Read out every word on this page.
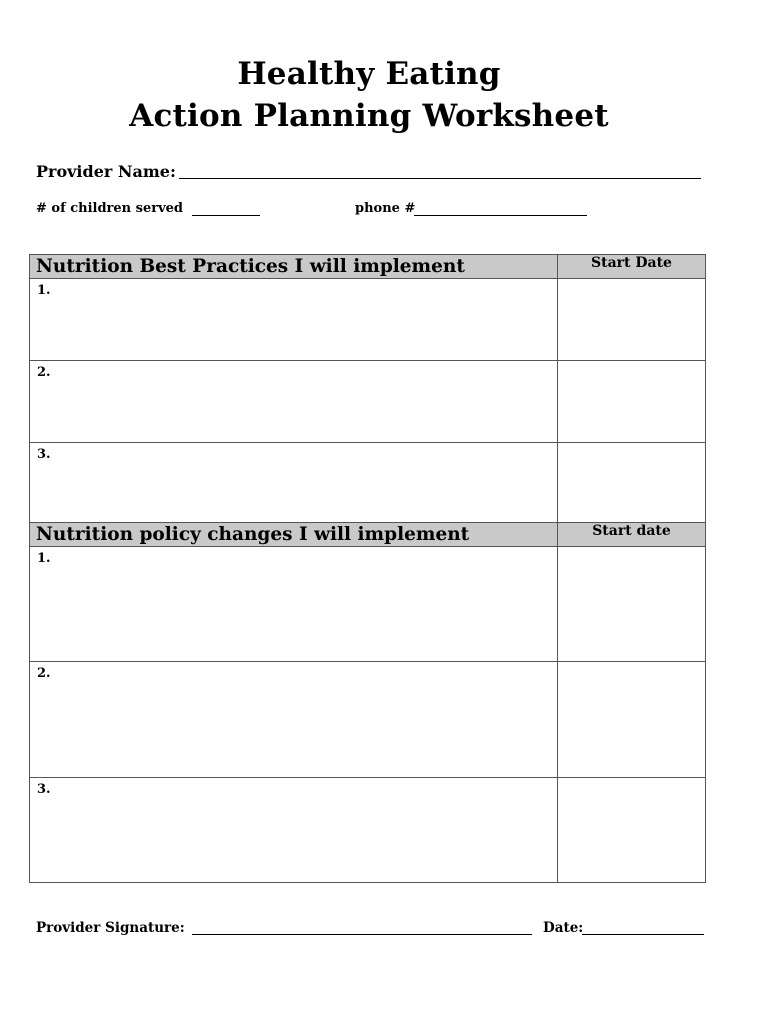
Healthy Eating
Action Planning Worksheet
Provider Name:
# of children served	phone #
Nutrition Best Practices I will implement	Start Date
1.	
2.	
3.	
Nutrition policy changes I will implement	Start date
1.	
2.	
3.	
Provider Signature:	Date:
